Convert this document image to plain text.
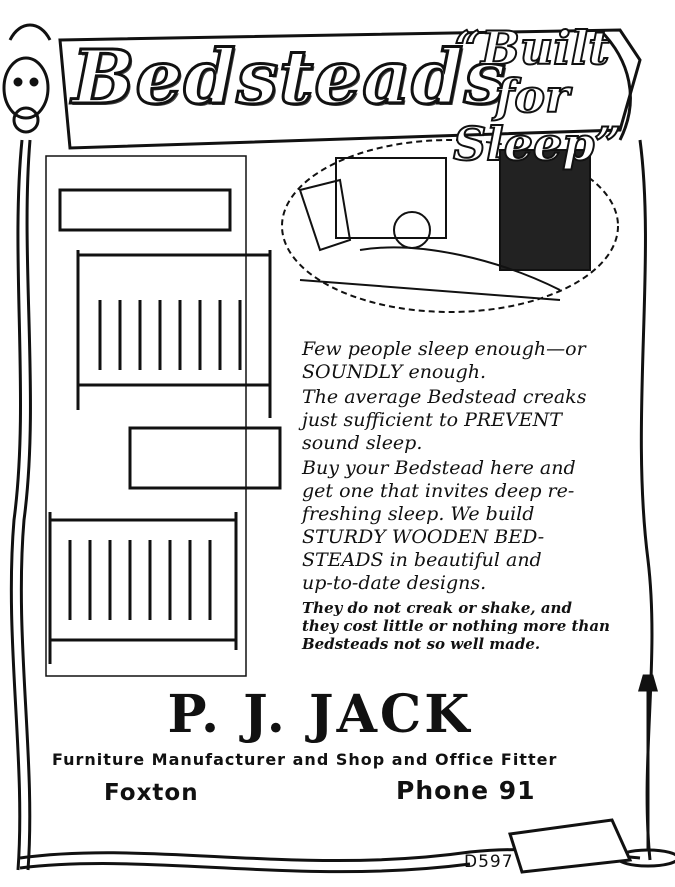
Bedsteads
“Built for
Sleep”

Few people sleep enough—or
SOUNDLY enough.

The average Bedstead creaks
just sufficient to PREVENT
sound sleep.

Buy your Bedstead here and
get one that invites deep re-
freshing sleep. We build
STURDY WOODEN BED-
STEADS in beautiful and
up-to-date designs.

They do not creak or shake, and
they cost little or nothing more than
Bedsteads not so well made.

P. J. JACK
Furniture Manufacturer and Shop and Office Fitter
Foxton	Phone 91
D597
